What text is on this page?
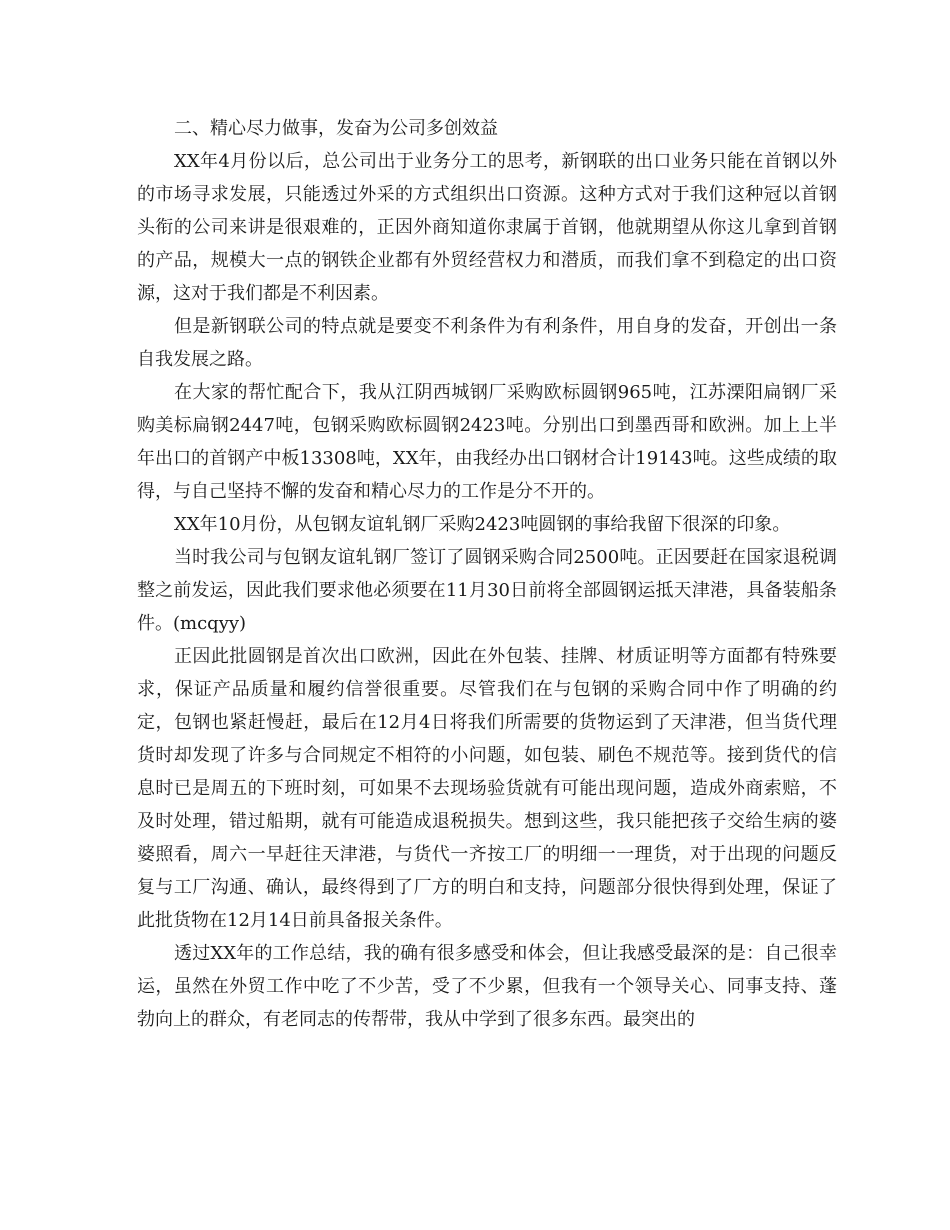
二、精心尽力做事，发奋为公司多创效益

XX年4月份以后，总公司出于业务分工的思考，新钢联的出口业务只能在首钢以外的市场寻求发展，只能透过外采的方式组织出口资源。这种方式对于我们这种冠以首钢头衔的公司来讲是很艰难的，正因外商知道你隶属于首钢，他就期望从你这儿拿到首钢的产品，规模大一点的钢铁企业都有外贸经营权力和潜质，而我们拿不到稳定的出口资源，这对于我们都是不利因素。

但是新钢联公司的特点就是要变不利条件为有利条件，用自身的发奋，开创出一条自我发展之路。

在大家的帮忙配合下，我从江阴西城钢厂采购欧标圆钢965吨，江苏溧阳扁钢厂采购美标扁钢2447吨，包钢采购欧标圆钢2423吨。分别出口到墨西哥和欧洲。加上上半年出口的首钢产中板13308吨，XX年，由我经办出口钢材合计19143吨。这些成绩的取得，与自己坚持不懈的发奋和精心尽力的工作是分不开的。

XX年10月份，从包钢友谊轧钢厂采购2423吨圆钢的事给我留下很深的印象。

当时我公司与包钢友谊轧钢厂签订了圆钢采购合同2500吨。正因要赶在国家退税调整之前发运，因此我们要求他必须要在11月30日前将全部圆钢运抵天津港，具备装船条件。(mcqyy)

正因此批圆钢是首次出口欧洲，因此在外包装、挂牌、材质证明等方面都有特殊要求，保证产品质量和履约信誉很重要。尽管我们在与包钢的采购合同中作了明确的约定，包钢也紧赶慢赶，最后在12月4日将我们所需要的货物运到了天津港，但当货代理货时却发现了许多与合同规定不相符的小问题，如包装、刷色不规范等。接到货代的信息时已是周五的下班时刻，可如果不去现场验货就有可能出现问题，造成外商索赔，不及时处理，错过船期，就有可能造成退税损失。想到这些，我只能把孩子交给生病的婆婆照看，周六一早赶往天津港，与货代一齐按工厂的明细一一理货，对于出现的问题反复与工厂沟通、确认，最终得到了厂方的明白和支持，问题部分很快得到处理，保证了此批货物在12月14日前具备报关条件。

透过XX年的工作总结，我的确有很多感受和体会，但让我感受最深的是：自己很幸运，虽然在外贸工作中吃了不少苦，受了不少累，但我有一个领导关心、同事支持、蓬勃向上的群众，有老同志的传帮带，我从中学到了很多东西。最突出的
